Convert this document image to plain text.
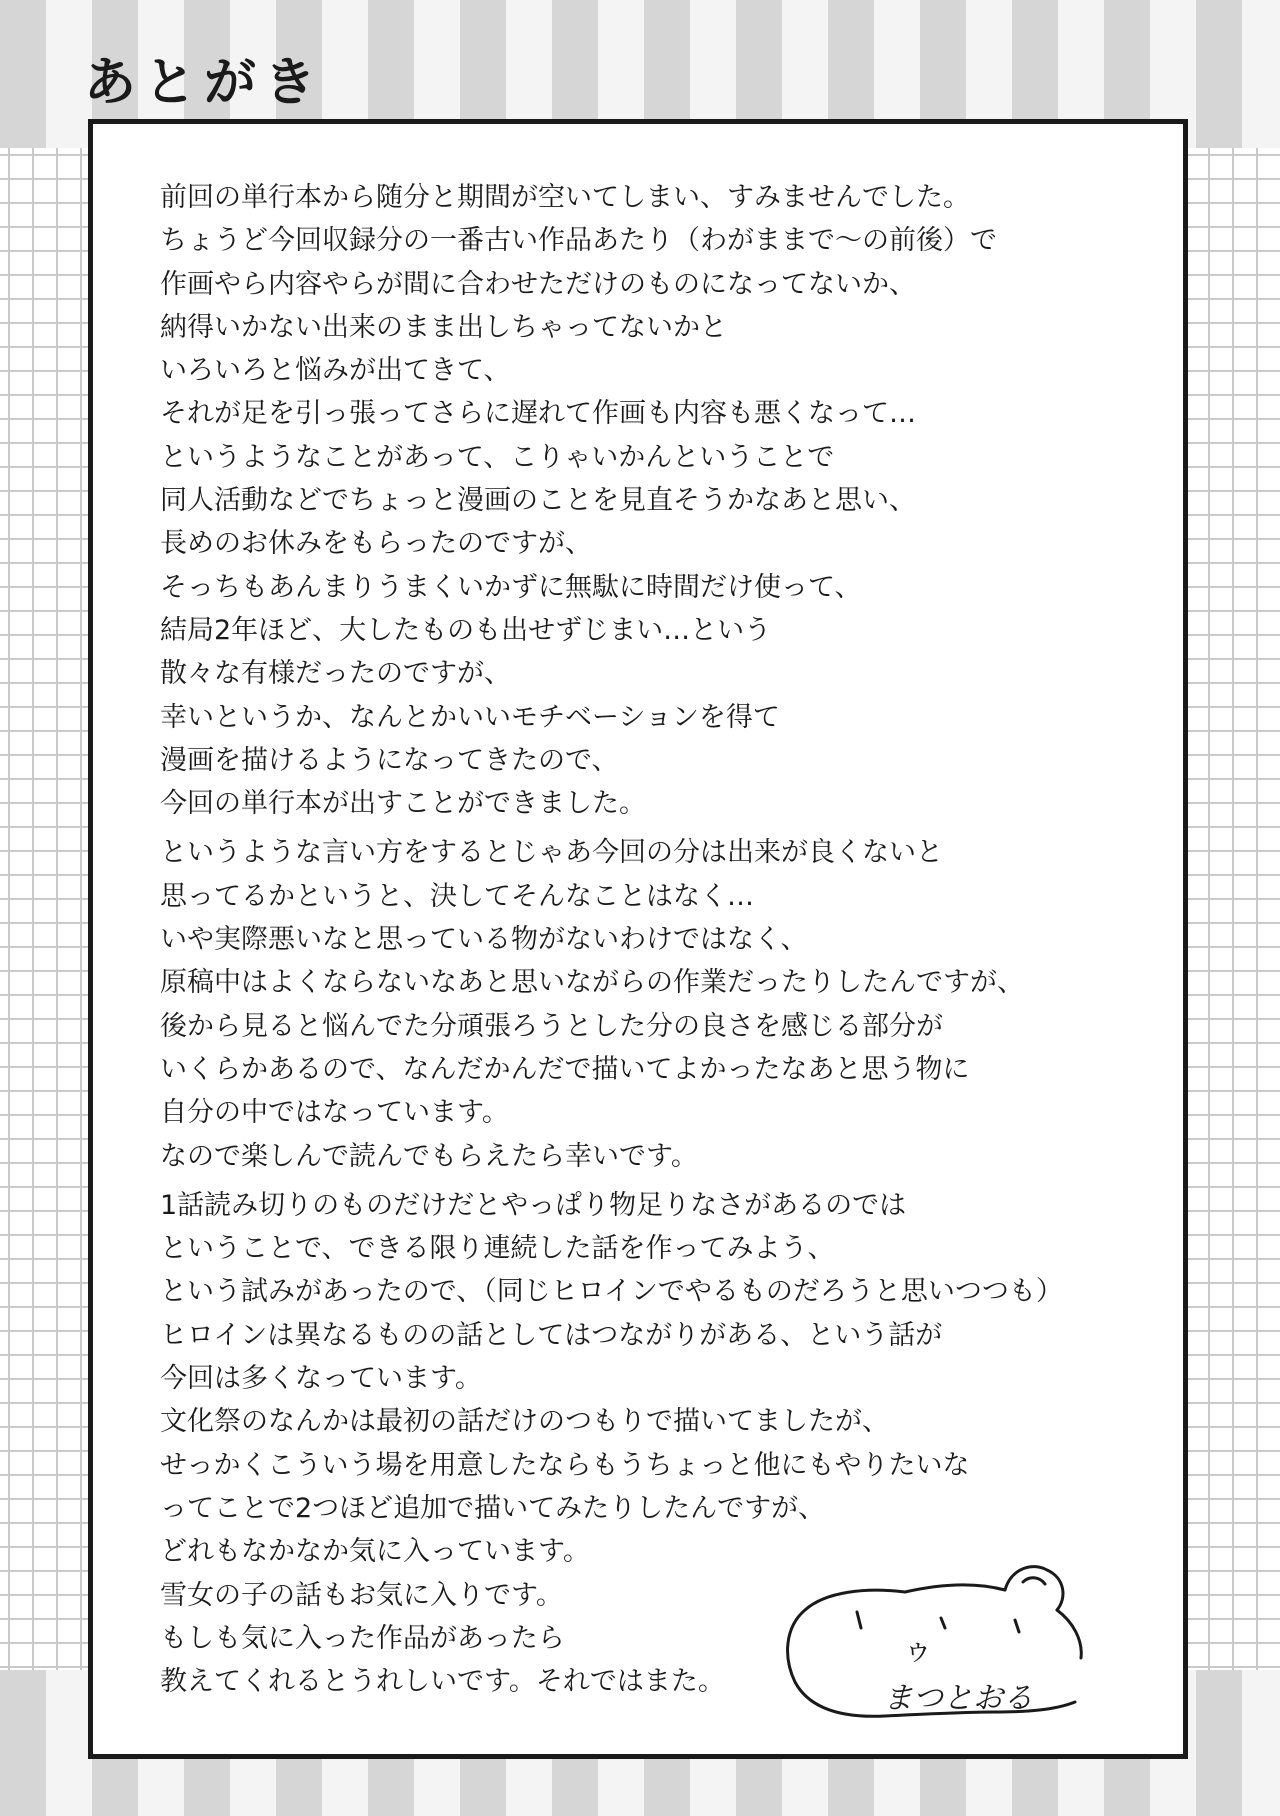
あとがき

前回の単行本から随分と期間が空いてしまい、すみませんでした。
ちょうど今回収録分の一番古い作品あたり（わがままで〜の前後）で
作画やら内容やらが間に合わせただけのものになってないか、
納得いかない出来のまま出しちゃってないかと
いろいろと悩みが出てきて、
それが足を引っ張ってさらに遅れて作画も内容も悪くなって…
というようなことがあって、こりゃいかんということで
同人活動などでちょっと漫画のことを見直そうかなあと思い、
長めのお休みをもらったのですが、
そっちもあんまりうまくいかずに無駄に時間だけ使って、
結局2年ほど、大したものも出せずじまい…という
散々な有様だったのですが、
幸いというか、なんとかいいモチベーションを得て
漫画を描けるようになってきたので、
今回の単行本が出すことができました。

というような言い方をするとじゃあ今回の分は出来が良くないと
思ってるかというと、決してそんなことはなく…
いや実際悪いなと思っている物がないわけではなく、
原稿中はよくならないなあと思いながらの作業だったりしたんですが、
後から見ると悩んでた分頑張ろうとした分の良さを感じる部分が
いくらかあるので、なんだかんだで描いてよかったなあと思う物に
自分の中ではなっています。
なので楽しんで読んでもらえたら幸いです。

1話読み切りのものだけだとやっぱり物足りなさがあるのでは
ということで、できる限り連続した話を作ってみよう、
という試みがあったので、（同じヒロインでやるものだろうと思いつつも）
ヒロインは異なるものの話としてはつながりがある、という話が
今回は多くなっています。
文化祭のなんかは最初の話だけのつもりで描いてましたが、
せっかくこういう場を用意したならもうちょっと他にもやりたいな
ってことで2つほど追加で描いてみたりしたんですが、
どれもなかなか気に入っています。
雪女の子の話もお気に入りです。
もしも気に入った作品があったら
教えてくれるとうれしいです。それではまた。

ゥ
まつとおる
